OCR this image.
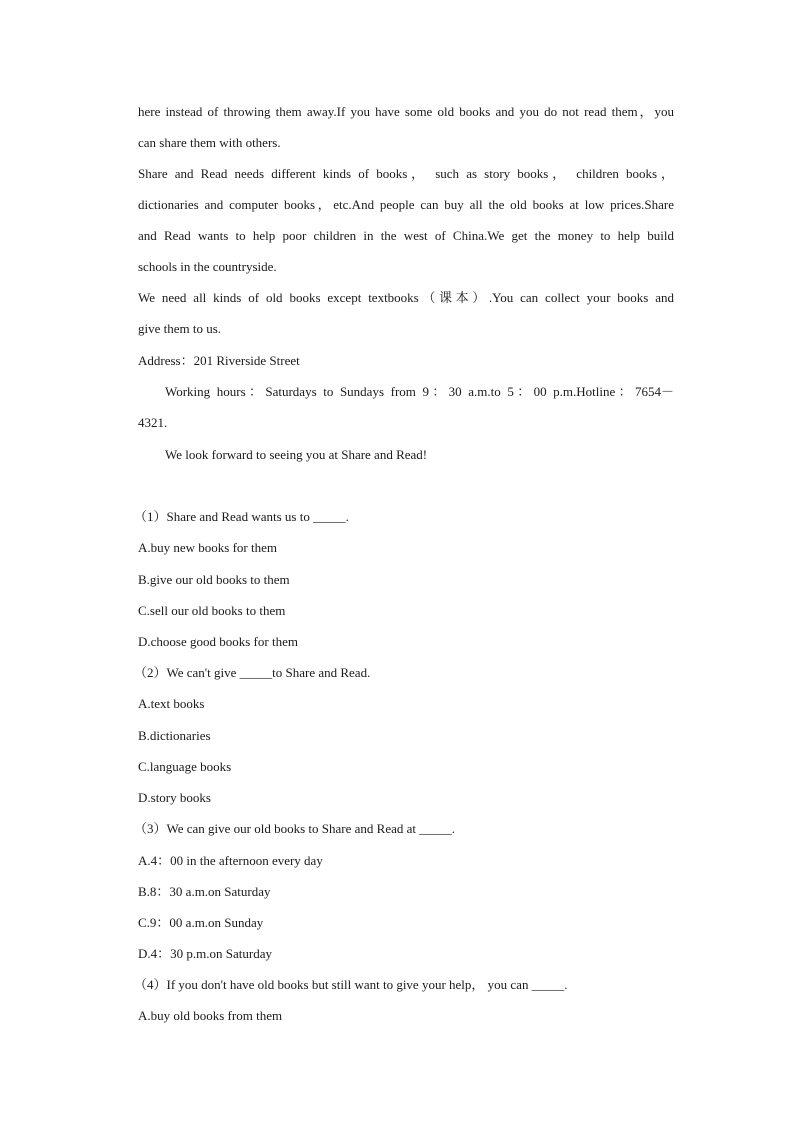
here instead of throwing them away.If you have some old books and you do not read them，you
can share them with others.
Share and Read needs different kinds of books， such as story books， children books，
dictionaries and computer books，etc.And people can buy all the old books at low prices.Share
and Read wants to help poor children in the west of China.We get the money to help build
schools in the countryside.
We need all kinds of old books except textbooks（课本）.You can collect your books and
give them to us.
Address：201 Riverside Street
Working hours：Saturdays to Sundays from 9：30 a.m.to 5：00 p.m.Hotline：7654－
4321.
We look forward to seeing you at Share and Read!
（1）Share and Read wants us to _____.
A.buy new books for them
B.give our old books to them
C.sell our old books to them
D.choose good books for them
（2）We can't give _____to Share and Read.
A.text books
B.dictionaries
C.language books
D.story books
（3）We can give our old books to Share and Read at _____.
A.4：00 in the afternoon every day
B.8：30 a.m.on Saturday
C.9：00 a.m.on Sunday
D.4：30 p.m.on Saturday
（4）If you don't have old books but still want to give your help， you can _____.
A.buy old books from them
